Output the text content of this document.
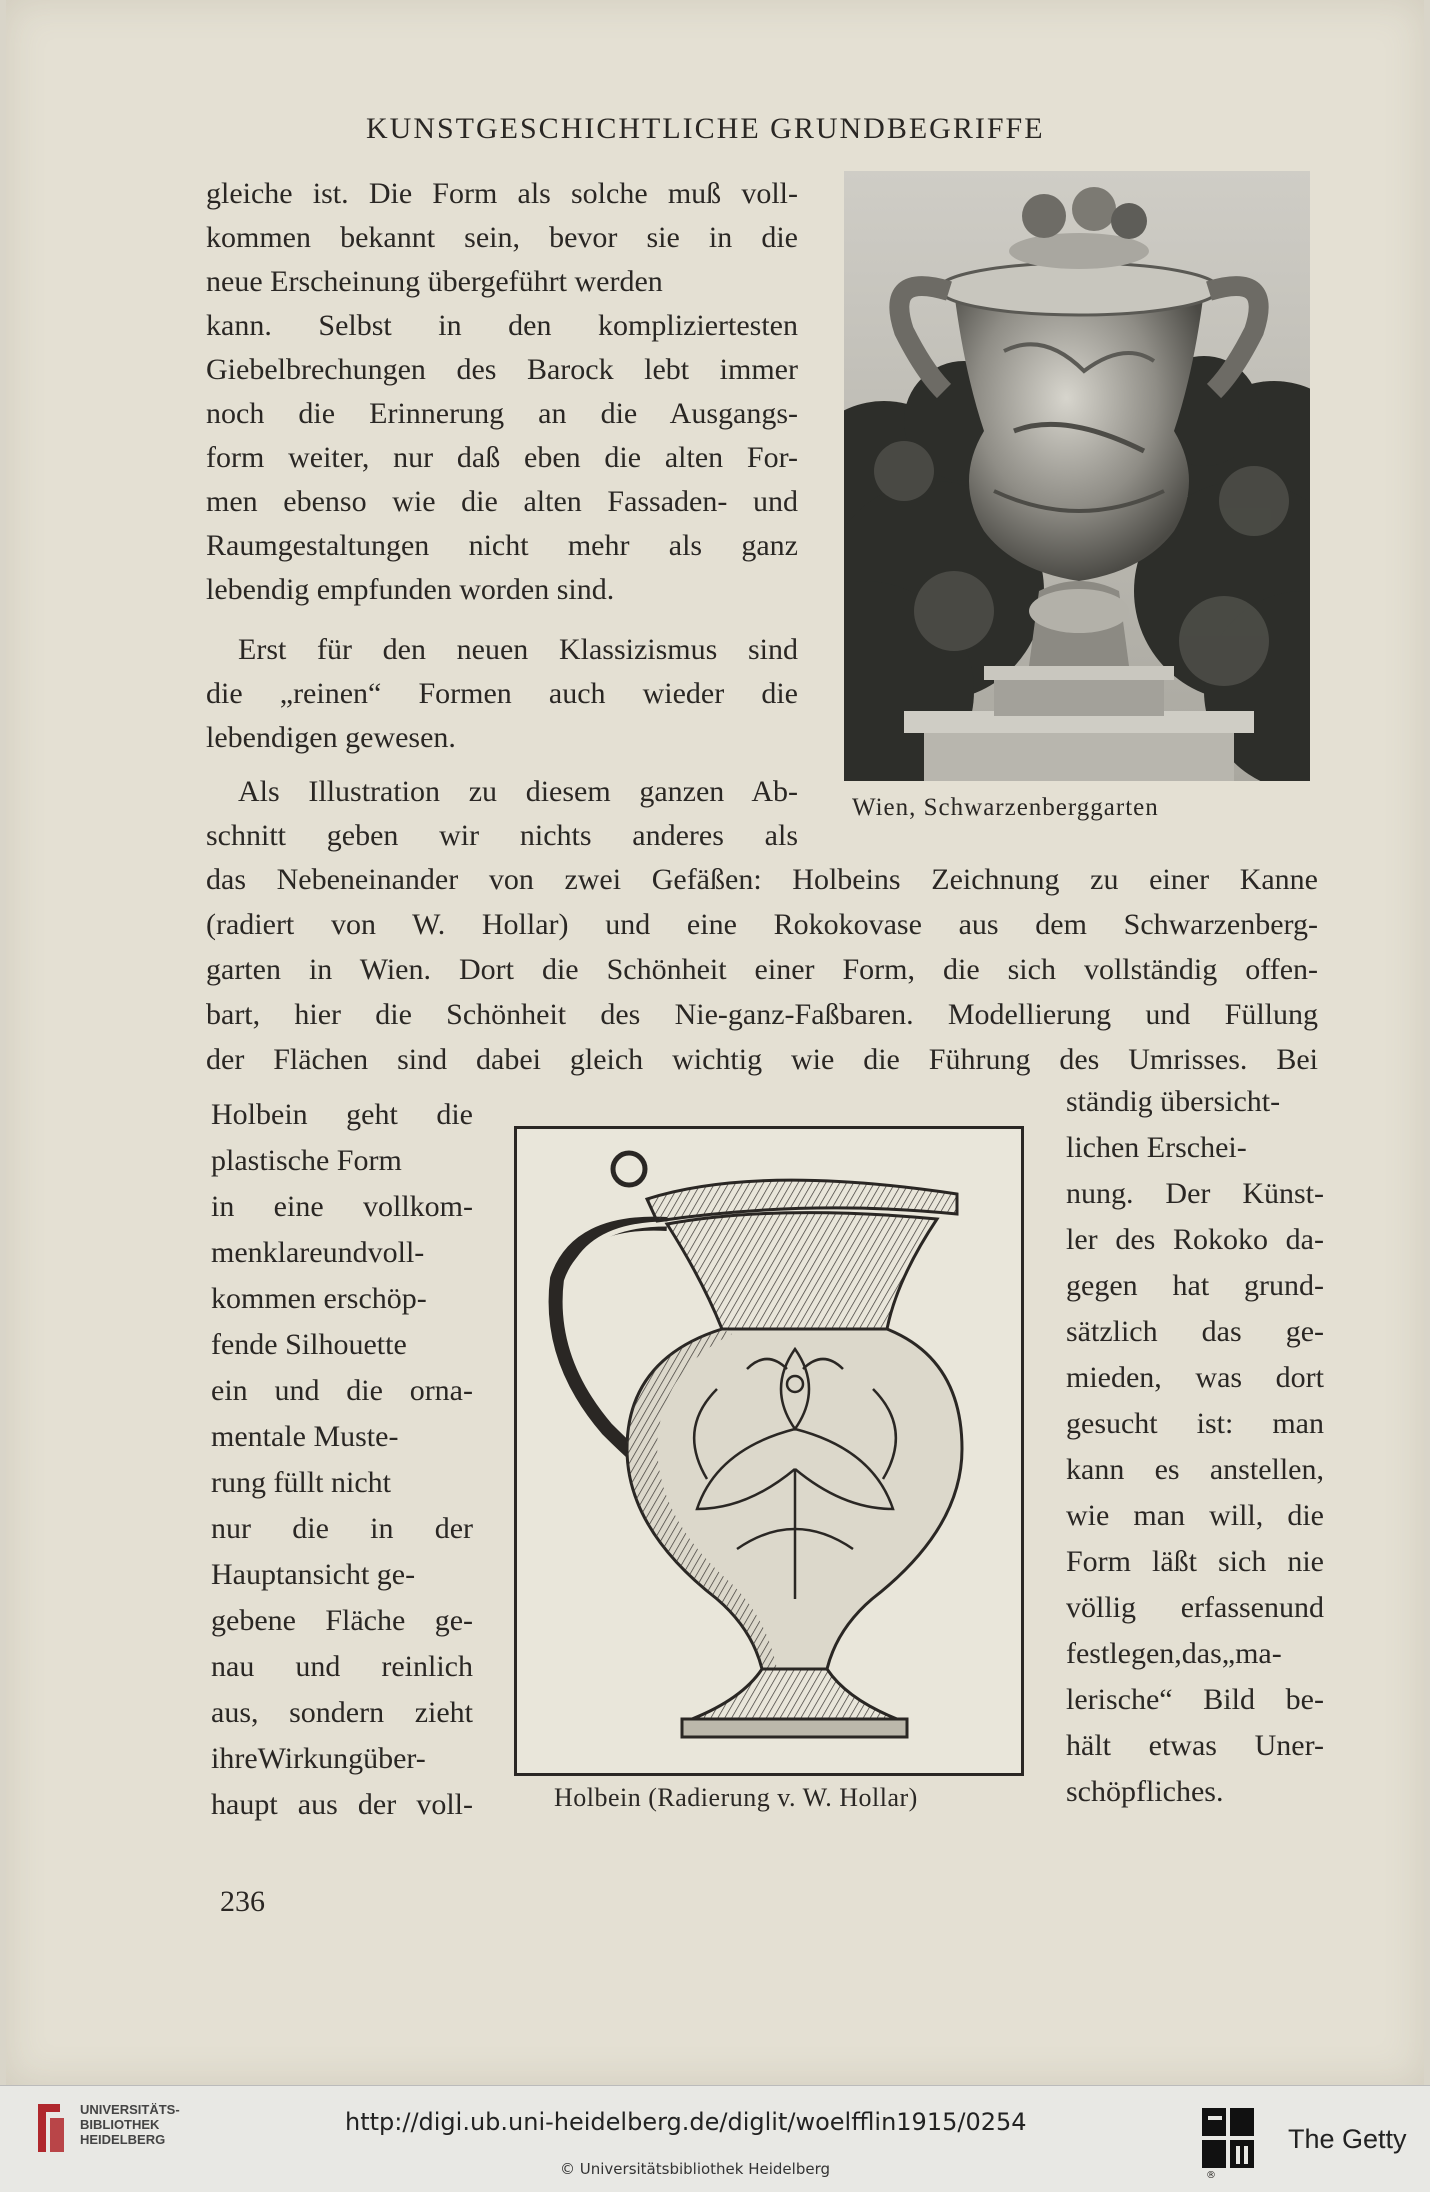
KUNSTGESCHICHTLICHE GRUNDBEGRIFFE
gleiche ist. Die Form als solche muß voll-
kommen bekannt sein, bevor sie in die
neue Erscheinung übergeführt werden
kann. Selbst in den kompliziertesten
Giebelbrechungen des Barock lebt immer
noch die Erinnerung an die Ausgangs-
form weiter, nur daß eben die alten For-
men ebenso wie die alten Fassaden- und
Raumgestaltungen nicht mehr als ganz
lebendig empfunden worden sind.
Erst für den neuen Klassizismus sind
die „reinen“ Formen auch wieder die
lebendigen gewesen.
Als Illustration zu diesem ganzen Ab-
schnitt geben wir nichts anderes als
Wien, Schwarzenberggarten
das Nebeneinander von zwei Gefäßen: Holbeins Zeichnung zu einer Kanne
(radiert von W. Hollar) und eine Rokokovase aus dem Schwarzenberg-
garten in Wien. Dort die Schönheit einer Form, die sich vollständig offen-
bart, hier die Schönheit des Nie-ganz-Faßbaren. Modellierung und Füllung
der Flächen sind dabei gleich wichtig wie die Führung des Umrisses. Bei
Holbein geht die
plastische Form
in eine vollkom-
menklareundvoll-
kommen erschöp-
fende Silhouette
ein und die orna-
mentale Muste-
rung füllt nicht
nur die in der
Hauptansicht ge-
gebene Fläche ge-
nau und reinlich
aus, sondern zieht
ihreWirkungüber-
haupt aus der voll-	Holbein (Radierung v. W. Hollar)
ständig übersicht-
lichen Erschei-
nung. Der Künst-
ler des Rokoko da-
gegen hat grund-
sätzlich das ge-
mieden, was dort
gesucht ist: man
kann es anstellen,
wie man will, die
Form läßt sich nie
völlig erfassenund
festlegen,das„ma-
lerische“ Bild be-
hält etwas Uner-
schöpfliches.
236
UNIVERSITÄTS-
BIBLIOTHEK
HEIDELBERG
http://digi.ub.uni-heidelberg.de/diglit/woelfflin1915/0254
© Universitätsbibliothek Heidelberg	®
The Getty
